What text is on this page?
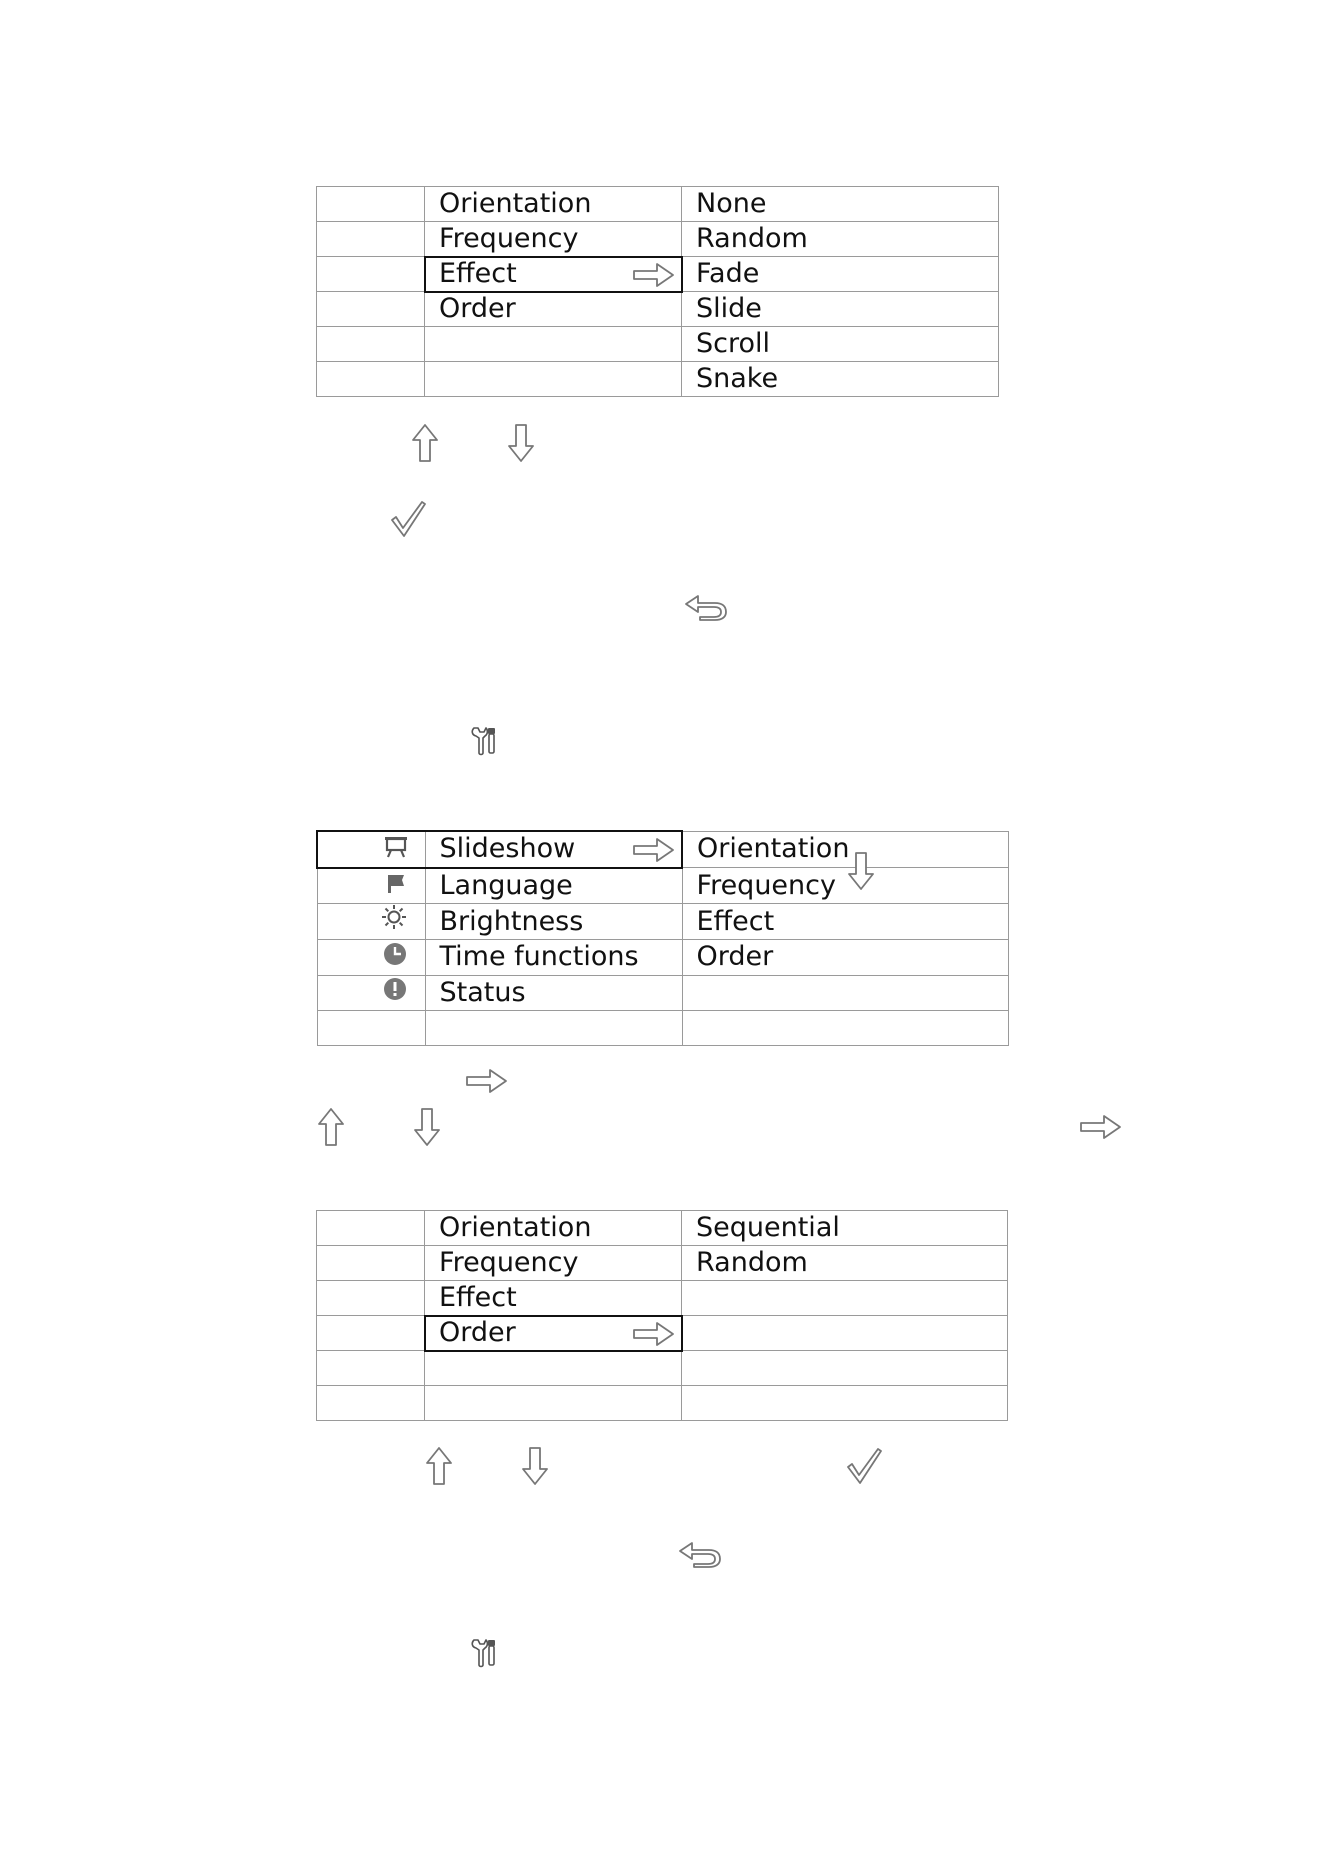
	Orientation	None
	Frequency	Random
	Effect	Fade
	Order	Slide
		Scroll
		Snake
	Slideshow	Orientation
	Language	Frequency
	Brightness	Effect
	Time functions	Order
	Status	

	Orientation	Sequential
	Frequency	Random
	Effect	
	Order
